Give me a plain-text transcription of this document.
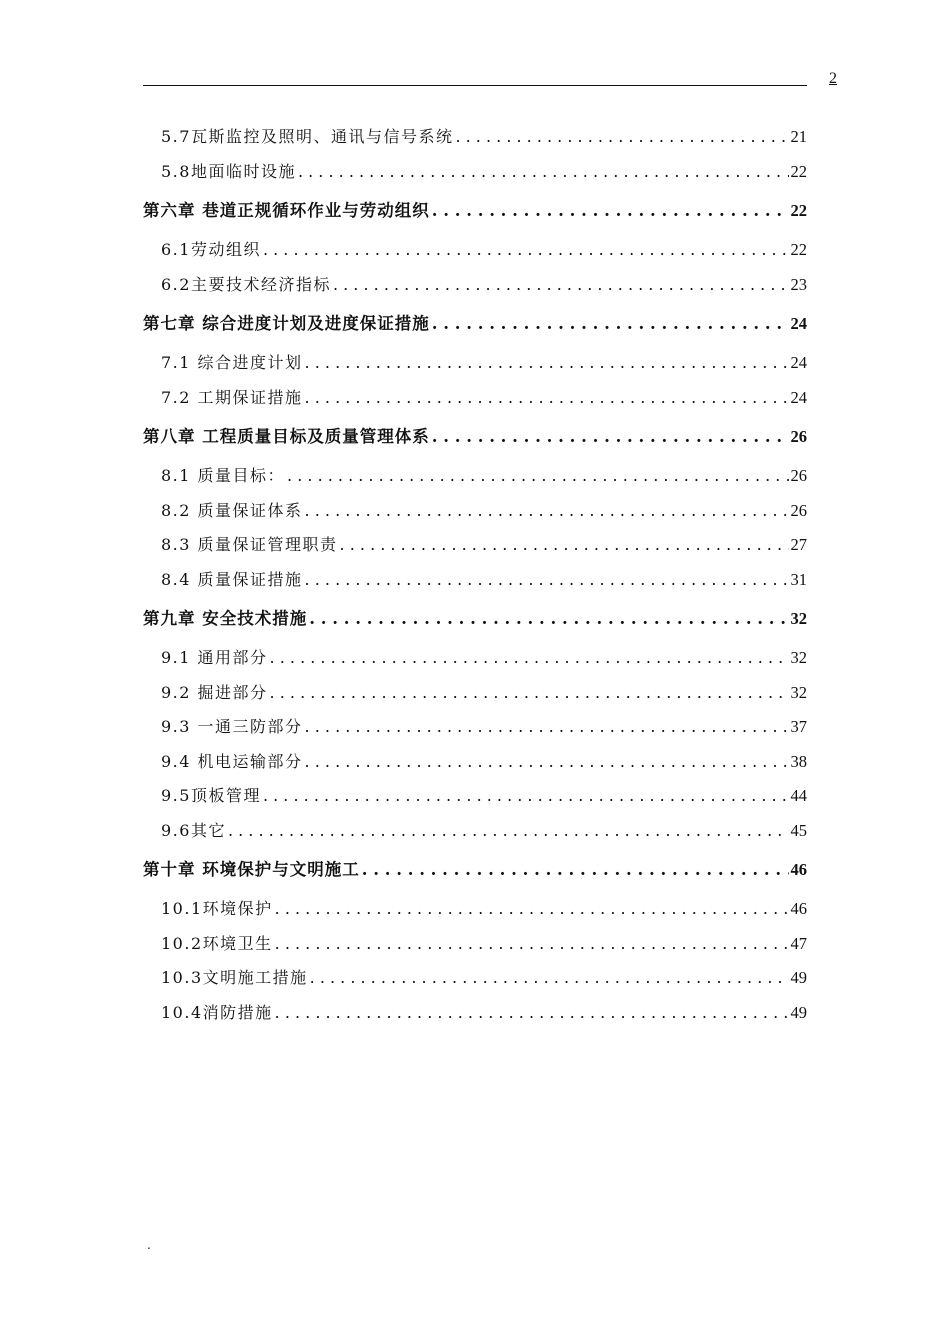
2
5.7瓦斯监控及照明、通讯与信号系统 . . .	21
5.8地面临时设施 . . .	22
第六章 巷道正规循环作业与劳动组织 . . .	22
6.1劳动组织 . . .	22
6.2主要技术经济指标 . . .	23
第七章 综合进度计划及进度保证措施 . . .	24
7.1 综合进度计划 . . .	24
7.2 工期保证措施 . . .	24
第八章 工程质量目标及质量管理体系 . . .	26
8.1 质量目标： . . .	26
8.2 质量保证体系 . . .	26
8.3 质量保证管理职责 . . .	27
8.4 质量保证措施 . . .	31
第九章 安全技术措施 . . .	32
9.1 通用部分 . . .	32
9.2 掘进部分 . . .	32
9.3 一通三防部分 . . .	37
9.4 机电运输部分 . . .	38
9.5顶板管理 . . .	44
9.6其它 . . .	45
第十章 环境保护与文明施工 . . .	46
10.1环境保护 . . .	46
10.2环境卫生 . . .	47
10.3文明施工措施 . . .	49
10.4消防措施 . . .	49
.
